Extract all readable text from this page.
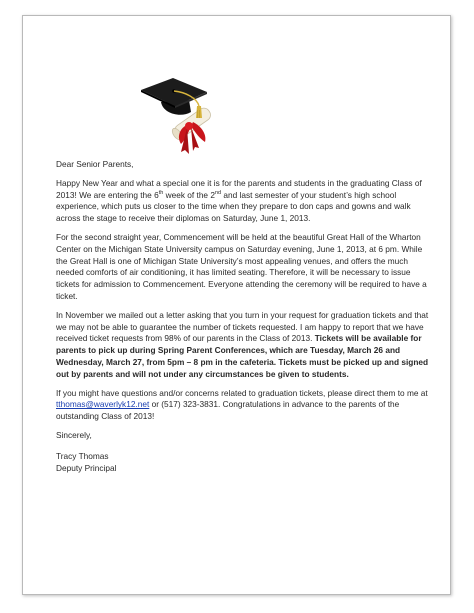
Dear Senior Parents,

Happy New Year and what a special one it is for the parents and students in the graduating Class of 2013! We are entering the 6th week of the 2nd and last semester of your student’s high school experience, which puts us closer to the time when they prepare to don caps and gowns and walk across the stage to receive their diplomas on Saturday, June 1, 2013.

For the second straight year, Commencement will be held at the beautiful Great Hall of the Wharton Center on the Michigan State University campus on Saturday evening, June 1, 2013, at 6 pm. While the Great Hall is one of Michigan State University’s most appealing venues, and offers the much needed comforts of air conditioning, it has limited seating. Therefore, it will be necessary to issue tickets for admission to Commencement. Everyone attending the ceremony will be required to have a ticket.

In November we mailed out a letter asking that you turn in your request for graduation tickets and that we may not be able to guarantee the number of tickets requested. I am happy to report that we have received ticket requests from 98% of our parents in the Class of 2013. Tickets will be available for parents to pick up during Spring Parent Conferences, which are Tuesday, March 26 and Wednesday, March 27, from 5pm – 8 pm in the cafeteria. Tickets must be picked up and signed out by parents and will not under any circumstances be given to students.

If you might have questions and/or concerns related to graduation tickets, please direct them to me at tthomas@waverlyk12.net or (517) 323-3831. Congratulations in advance to the parents of the outstanding Class of 2013!

Sincerely,

Tracy Thomas

Deputy Principal
